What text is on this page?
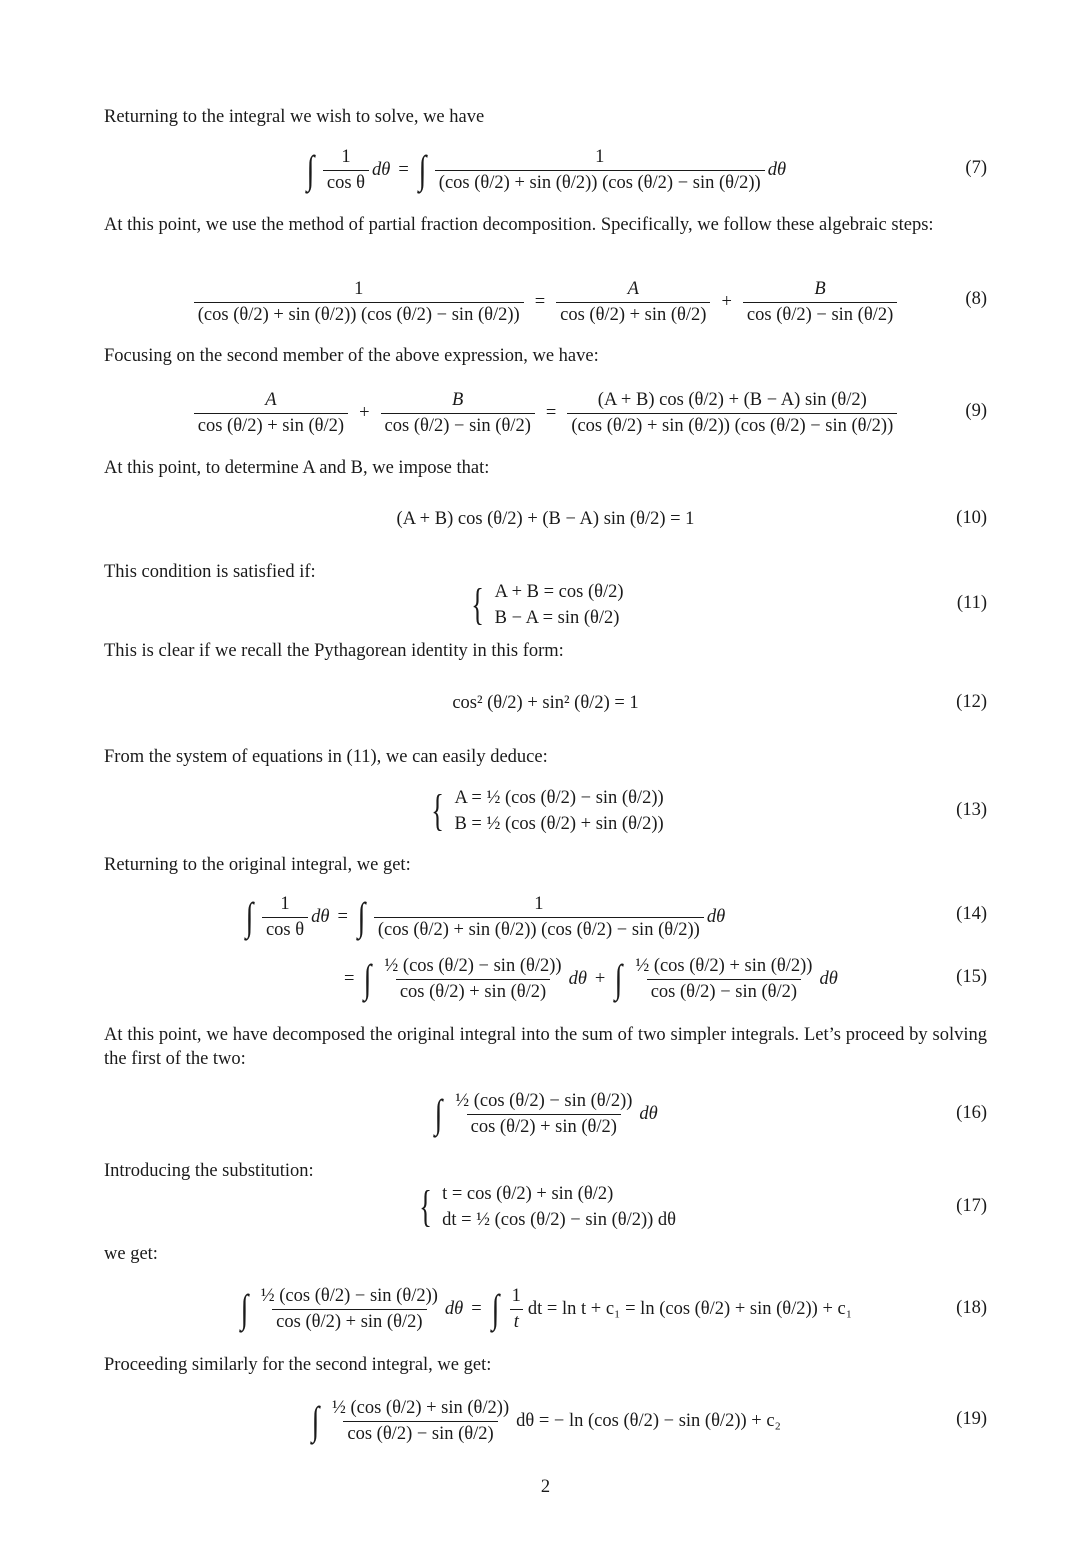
Returning to the integral we wish to solve, we have
∫ $\frac{1}{\text{cos θ}}$ dθ = ∫ $\frac{1}{(\cos (\theta/2) + \sin (\theta/2)) (\cos (\theta/2) - \sin (\theta/2))}$ dθ	(7)
At this point, we use the method of partial fraction decomposition. Specifically, we follow these algebraic steps:
$\frac{1}{(\cos (\theta/2) + \sin (\theta/2)) (\cos (\theta/2) - \sin (\theta/2))} = \frac{A}{\cos (\theta/2) + \sin (\theta/2)} + \frac{B}{\cos (\theta/2) - \sin (\theta/2)}$	(8)
Focusing on the second member of the above expression, we have:
$\frac{A}{\cos (\theta/2) + \sin (\theta/2)} + \frac{B}{\cos (\theta/2) - \sin (\theta/2)} = \frac{(A + B) \cos (\theta/2) + (B - A) \sin (\theta/2)}{(\cos (\theta/2) + \sin (\theta/2)) (\cos (\theta/2) - \sin (\theta/2))}$	(9)
At this point, to determine A and B, we impose that:
(A + B) cos (θ/2) + (B − A) sin (θ/2) = 1	(10)
This condition is satisfied if:
{ A + B = cos (θ/2)
B − A = sin (θ/2)
(11)
This is clear if we recall the Pythagorean identity in this form:
cos² (θ/2) + sin² (θ/2) = 1	(12)
From the system of equations in (11), we can easily deduce:
{ A = ½ (cos (θ/2) − sin (θ/2))
B = ½ (cos (θ/2) + sin (θ/2))
(13)
Returning to the original integral, we get:
∫ $\frac{1}{\text{cos θ}}$ dθ = ∫ $\frac{1}{(\cos (\theta/2) + \sin (\theta/2)) (\cos (\theta/2) - \sin (\theta/2))}$ dθ	(14)
= ∫ $\frac{\text{½ (cos (θ/2) − sin (θ/2))}}{\cos (\theta/2) + \sin (\theta/2)}$ dθ + ∫ $\frac{\text{½ (cos (θ/2) + sin (θ/2))}}{\cos (\theta/2) - \sin (\theta/2)}$ dθ	(15)
At this point, we have decomposed the original integral into the sum of two simpler integrals. Let’s proceed by solving the first of the two:
∫ $\frac{\text{½ (cos (θ/2) − sin (θ/2))}}{\cos (\theta/2) + \sin (\theta/2)}$ dθ	(16)
Introducing the substitution:
{ t = cos (θ/2) + sin (θ/2)
dt = ½ (cos (θ/2) − sin (θ/2)) dθ
(17)
we get:
∫ $\frac{\text{½ (cos (θ/2) − sin (θ/2))}}{\cos (\theta/2) + \sin (\theta/2)}$ dθ = ∫ $\frac{1}{t}$ dt = ln t + c₁ = ln (cos (θ/2) + sin (θ/2)) + c₁	(18)
Proceeding similarly for the second integral, we get:
∫ $\frac{\text{½ (cos (θ/2) + sin (θ/2))}}{\cos (\theta/2) - \sin (\theta/2)}$ dθ = − ln (cos (θ/2) − sin (θ/2)) + c₂	(19)
2
